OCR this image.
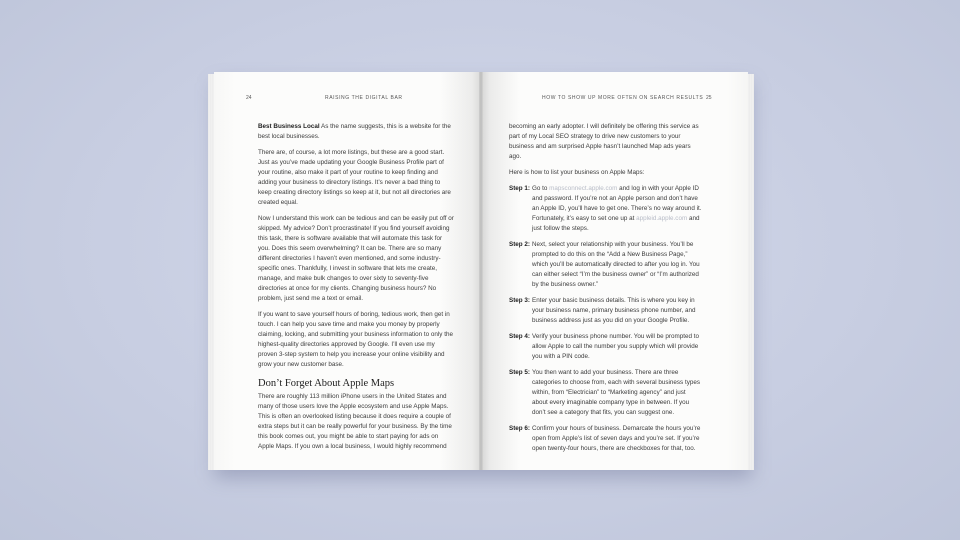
24	RAISING THE DIGITAL BAR	HOW TO SHOW UP MORE OFTEN ON SEARCH RESULTS 25

Best Business Local As the name suggests, this is a website for the best local businesses.

There are, of course, a lot more listings, but these are a good start. Just as you’ve made updating your Google Business Profile part of your routine, also make it part of your routine to keep finding and adding your business to directory listings. It’s never a bad thing to keep creating directory listings so keep at it, but not all directories are created equal.

Now I understand this work can be tedious and can be easily put off or skipped. My advice? Don’t procrastinate! If you find yourself avoiding this task, there is software available that will automate this task for you. Does this seem overwhelming? It can be. There are so many different directories I haven’t even mentioned, and some industry-specific ones. Thankfully, I invest in software that lets me create, manage, and make bulk changes to over sixty to seventy-five directories at once for my clients. Changing business hours? No problem, just send me a text or email.

If you want to save yourself hours of boring, tedious work, then get in touch. I can help you save time and make you money by properly claiming, locking, and submitting your business information to only the highest-quality directories approved by Google. I’ll even use my proven 3-step system to help you increase your online visibility and grow your new customer base.

Don’t Forget About Apple Maps

There are roughly 113 million iPhone users in the United States and many of those users love the Apple ecosystem and use Apple Maps. This is often an overlooked listing because it does require a couple of extra steps but it can be really powerful for your business. By the time this book comes out, you might be able to start paying for ads on Apple Maps. If you own a local business, I would highly recommend

becoming an early adopter. I will definitely be offering this service as part of my Local SEO strategy to drive new customers to your business and am surprised Apple hasn’t launched Map ads years ago.

Here is how to list your business on Apple Maps:

Step 1: Go to mapsconnect.apple.com and log in with your Apple ID and password. If you’re not an Apple person and don’t have an Apple ID, you’ll have to get one. There’s no way around it. Fortunately, it’s easy to set one up at appleid.apple.com and just follow the steps.
Step 2: Next, select your relationship with your business. You’ll be prompted to do this on the “Add a New Business Page,” which you’ll be automatically directed to after you log in. You can either select “I’m the business owner” or “I’m authorized by the business owner.”
Step 3: Enter your basic business details. This is where you key in your business name, primary business phone number, and business address just as you did on your Google Profile.
Step 4: Verify your business phone number. You will be prompted to allow Apple to call the number you supply which will provide you with a PIN code.
Step 5: You then want to add your business. There are three categories to choose from, each with several business types within, from “Electrician” to “Marketing agency” and just about every imaginable company type in between. If you don’t see a category that fits, you can suggest one.
Step 6: Confirm your hours of business. Demarcate the hours you’re open from Apple’s list of seven days and you’re set. If you’re open twenty-four hours, there are checkboxes for that, too.
